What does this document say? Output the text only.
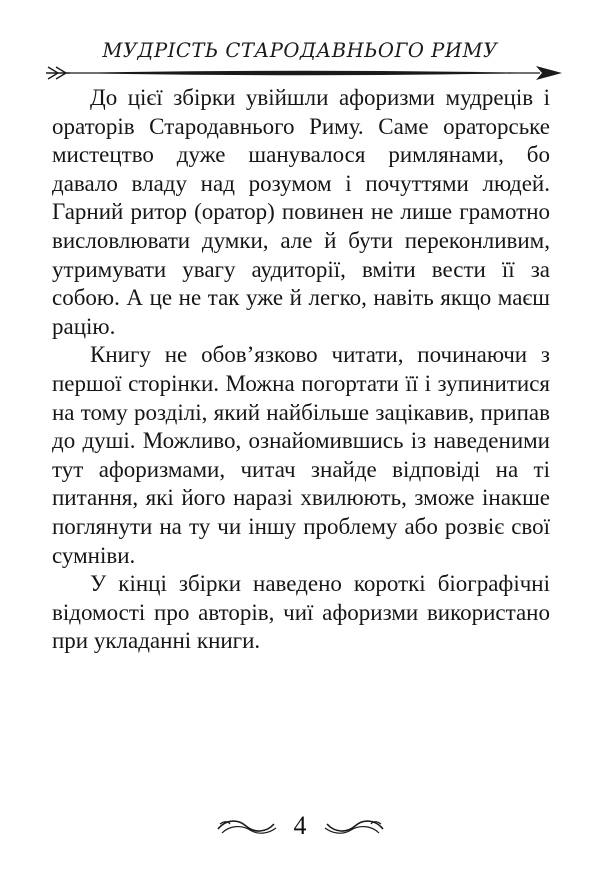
МУДРІСТЬ СТАРОДАВНЬОГО РИМУ

До цієї збірки увійшли афоризми мудреців і ораторів Стародавнього Риму. Саме ораторське мистецтво дуже шанувалося римлянами, бо давало владу над розумом і почуттями людей. Гарний ритор (оратор) повинен не лише грамотно висловлювати думки, але й бути переконливим, утримувати увагу аудиторії, вміти вести її за собою. А це не так уже й легко, навіть якщо маєш рацію.

Книгу не обов’язково читати, починаючи з першої сторінки. Можна погортати її і зупинитися на тому розділі, який найбільше зацікавив, припав до душі. Можливо, ознайомившись із наведеними тут афоризмами, читач знайде відповіді на ті питання, які його наразі хвилюють, зможе інакше поглянути на ту чи іншу проблему або розвіє свої сумніви.

У кінці збірки наведено короткі біографічні відомості про авторів, чиї афоризми використано при укладанні книги.

4
